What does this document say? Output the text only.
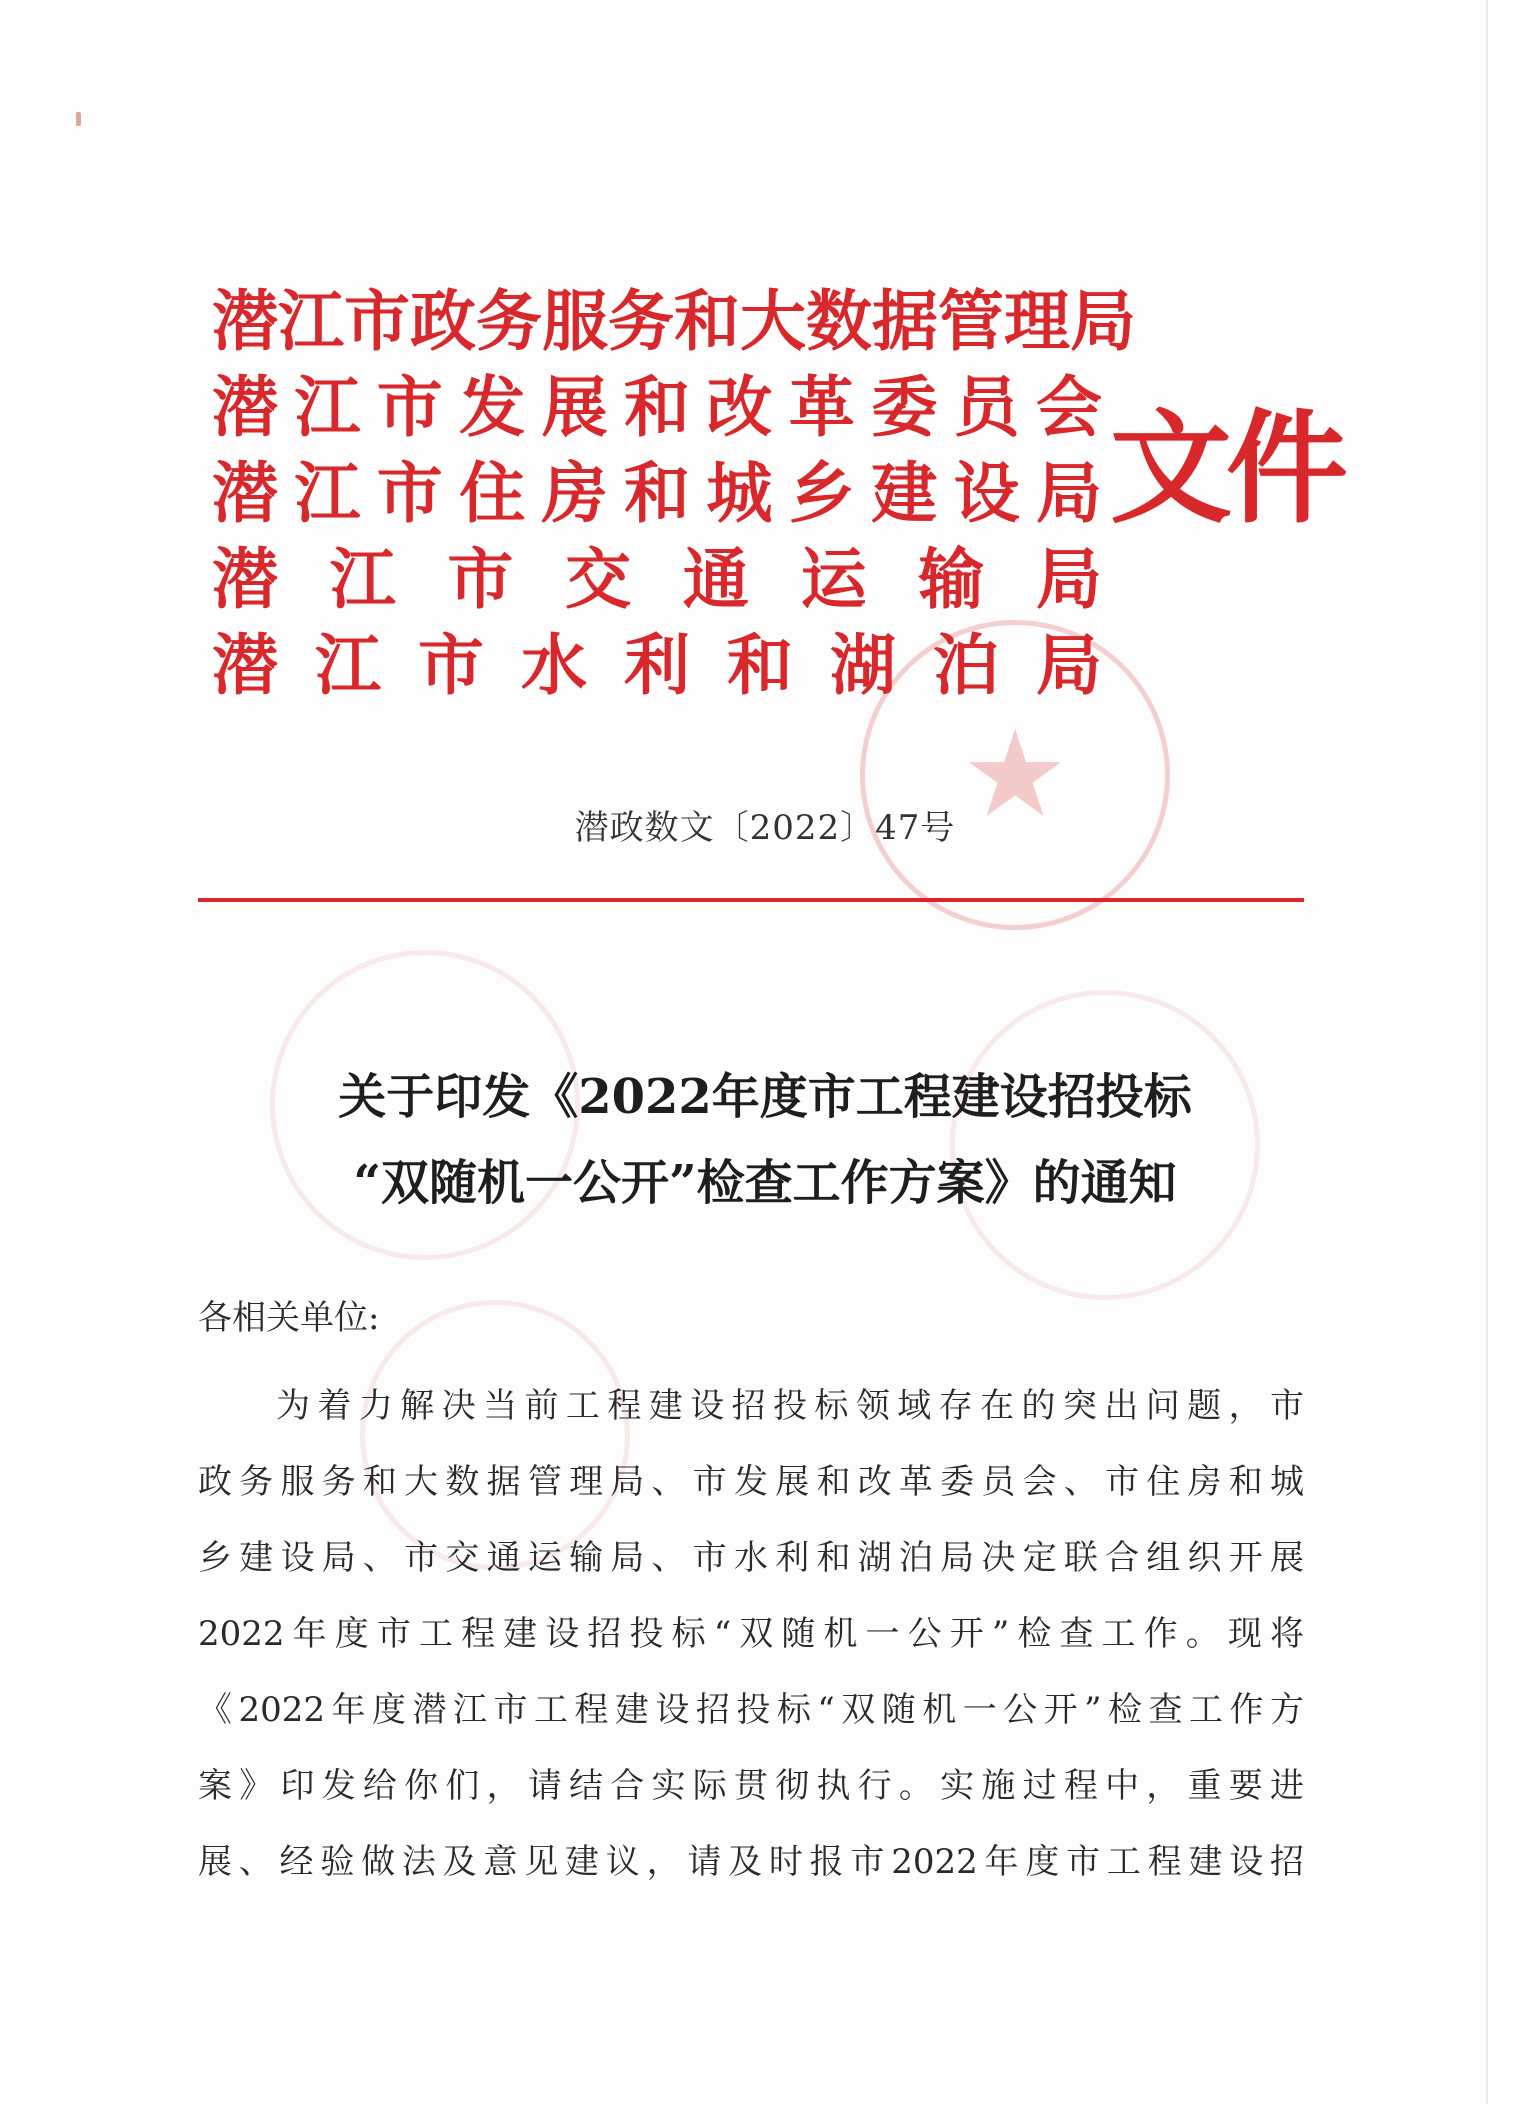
★
潜江市政务服务和大数据管理局
潜江市发展和改革委员会
潜江市住房和城乡建设局
潜江市交通运输局
潜江市水利和湖泊局
文件
潜政数文〔2022〕47号
关于印发《2022年度市工程建设招投标
“双随机一公开”检查工作方案》的通知
各相关单位:
为着力解决当前工程建设招投标领域存在的突出问题，市
政务服务和大数据管理局、市发展和改革委员会、市住房和城
乡建设局、市交通运输局、市水利和湖泊局决定联合组织开展
2022年度市工程建设招投标“双随机一公开”检查工作。现将
《2022年度潜江市工程建设招投标“双随机一公开”检查工作方
案》印发给你们，请结合实际贯彻执行。实施过程中，重要进
展、经验做法及意见建议，请及时报市2022年度市工程建设招
